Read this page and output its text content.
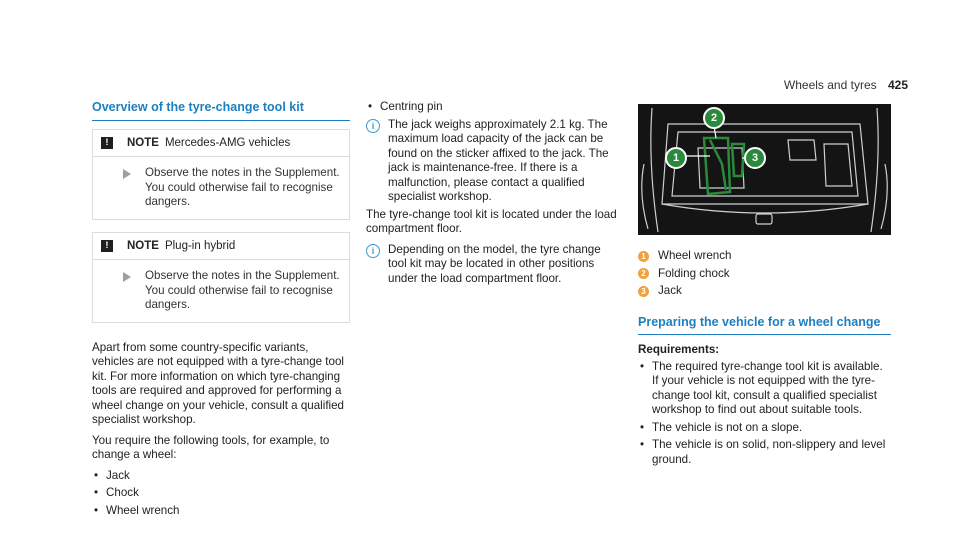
Wheels and tyres 425
Overview of the tyre-change tool kit
!	NOTE Mercedes-AMG vehicles
Observe the notes in the Supplement. You could otherwise fail to recognise dangers.
!	NOTE Plug-in hybrid
Observe the notes in the Supplement. You could otherwise fail to recognise dangers.

Apart from some country-specific variants, vehicles are not equipped with a tyre-change tool kit. For more information on which tyre-changing tools are required and approved for performing a wheel change on your vehicle, consult a qualified specialist workshop.

You require the following tools, for example, to change a wheel:

• Jack
• Chock
• Wheel wrench
• Centring pin
i	The jack weighs approximately 2.1 kg. The maximum load capacity of the jack can be found on the sticker affixed to the jack. The jack is maintenance-free. If there is a malfunction, please contact a qualified specialist workshop.

The tyre-change tool kit is located under the load compartment floor.

i	Depending on the model, the tyre change tool kit may be located in other positions under the load compartment floor.
1
2
3
1 Wheel wrench
2 Folding chock
3 Jack
Preparing the vehicle for a wheel change
Requirements:
• The required tyre-change tool kit is available. If your vehicle is not equipped with the tyre-change tool kit, consult a qualified specialist workshop to find out about suitable tools.
• The vehicle is not on a slope.
• The vehicle is on solid, non-slippery and level ground.
